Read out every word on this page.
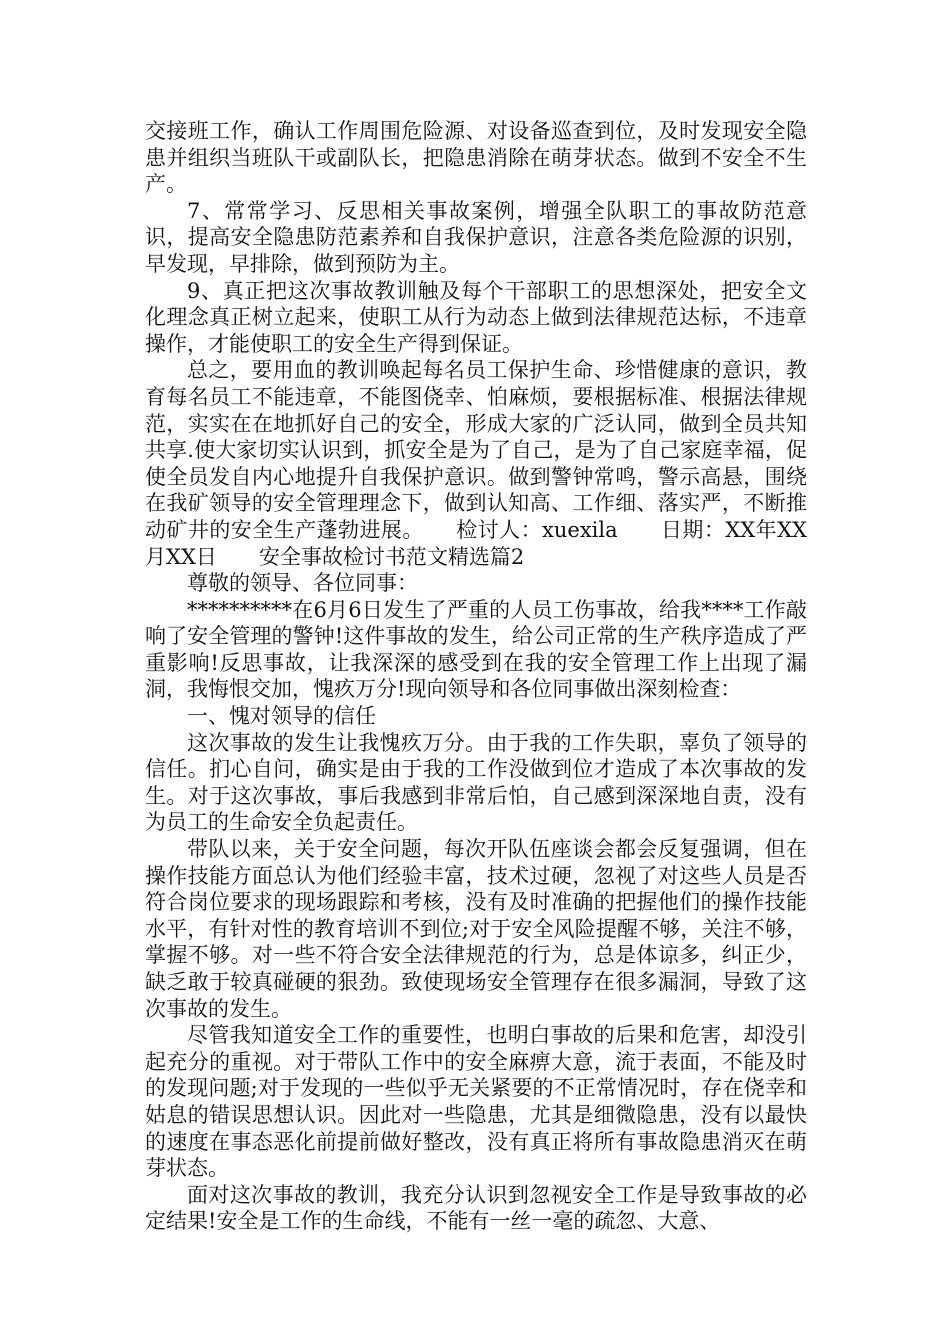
交接班工作，确认工作周围危险源、对设备巡查到位，及时发现安全隐患并组织当班队干或副队长，把隐患消除在萌芽状态。做到不安全不生产。

7、常常学习、反思相关事故案例，增强全队职工的事故防范意识，提高安全隐患防范素养和自我保护意识，注意各类危险源的识别，早发现，早排除，做到预防为主。

9、真正把这次事故教训触及每个干部职工的思想深处，把安全文化理念真正树立起来，使职工从行为动态上做到法律规范达标，不违章操作，才能使职工的安全生产得到保证。

总之，要用血的教训唤起每名员工保护生命、珍惜健康的意识，教育每名员工不能违章，不能图侥幸、怕麻烦，要根据标准、根据法律规范，实实在在地抓好自己的安全，形成大家的广泛认同，做到全员共知共享.使大家切实认识到，抓安全是为了自己，是为了自己家庭幸福，促使全员发自内心地提升自我保护意识。做到警钟常鸣，警示高悬，围绕在我矿领导的安全管理理念下，做到认知高、工作细、落实严，不断推动矿井的安全生产蓬勃进展。　　检讨人：xuexila　　日期：XX年XX月XX日　　安全事故检讨书范文精选篇2

尊敬的领导、各位同事：

**********在6月6日发生了严重的人员工伤事故，给我****工作敲响了安全管理的警钟!这件事故的发生，给公司正常的生产秩序造成了严重影响!反思事故，让我深深的感受到在我的安全管理工作上出现了漏洞，我悔恨交加，愧疚万分!现向领导和各位同事做出深刻检查：

一、愧对领导的信任

这次事故的发生让我愧疚万分。由于我的工作失职，辜负了领导的信任。扪心自问，确实是由于我的工作没做到位才造成了本次事故的发生。对于这次事故，事后我感到非常后怕，自己感到深深地自责，没有为员工的生命安全负起责任。

带队以来，关于安全问题，每次开队伍座谈会都会反复强调，但在操作技能方面总认为他们经验丰富，技术过硬，忽视了对这些人员是否符合岗位要求的现场跟踪和考核，没有及时准确的把握他们的操作技能水平，有针对性的教育培训不到位;对于安全风险提醒不够，关注不够，掌握不够。对一些不符合安全法律规范的行为，总是体谅多，纠正少，缺乏敢于较真碰硬的狠劲。致使现场安全管理存在很多漏洞，导致了这次事故的发生。

尽管我知道安全工作的重要性，也明白事故的后果和危害，却没引起充分的重视。对于带队工作中的安全麻痹大意，流于表面，不能及时的发现问题;对于发现的一些似乎无关紧要的不正常情况时，存在侥幸和姑息的错误思想认识。因此对一些隐患，尤其是细微隐患，没有以最快的速度在事态恶化前提前做好整改，没有真正将所有事故隐患消灭在萌芽状态。

面对这次事故的教训，我充分认识到忽视安全工作是导致事故的必定结果!安全是工作的生命线，不能有一丝一毫的疏忽、大意、
